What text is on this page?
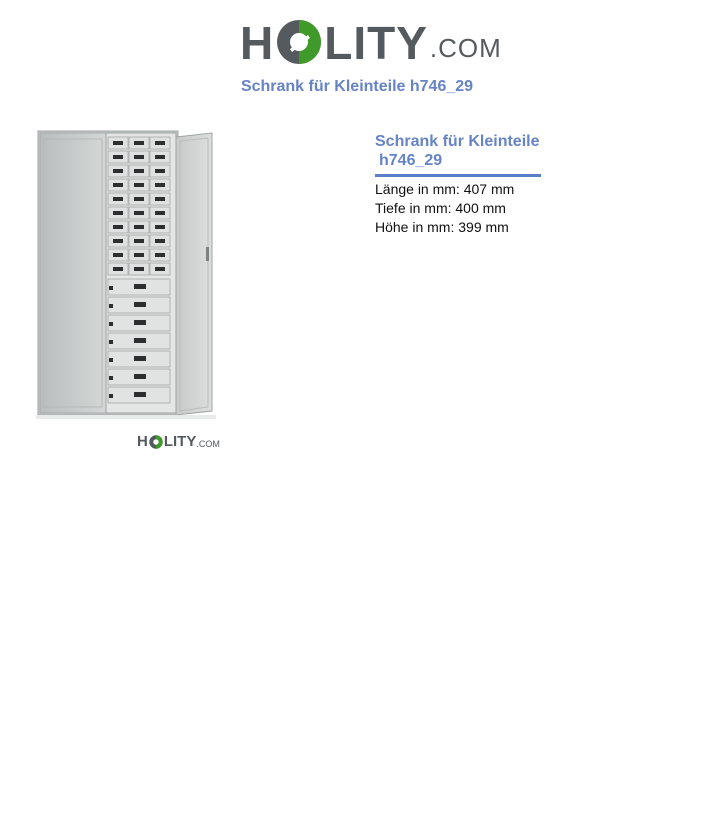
H LITY .COM
Schrank für Kleinteile h746_29
Schrank für Kleinteile
h746_29
Länge in mm: 407 mm
Tiefe in mm: 400 mm
Höhe in mm: 399 mm
H LITY .COM
